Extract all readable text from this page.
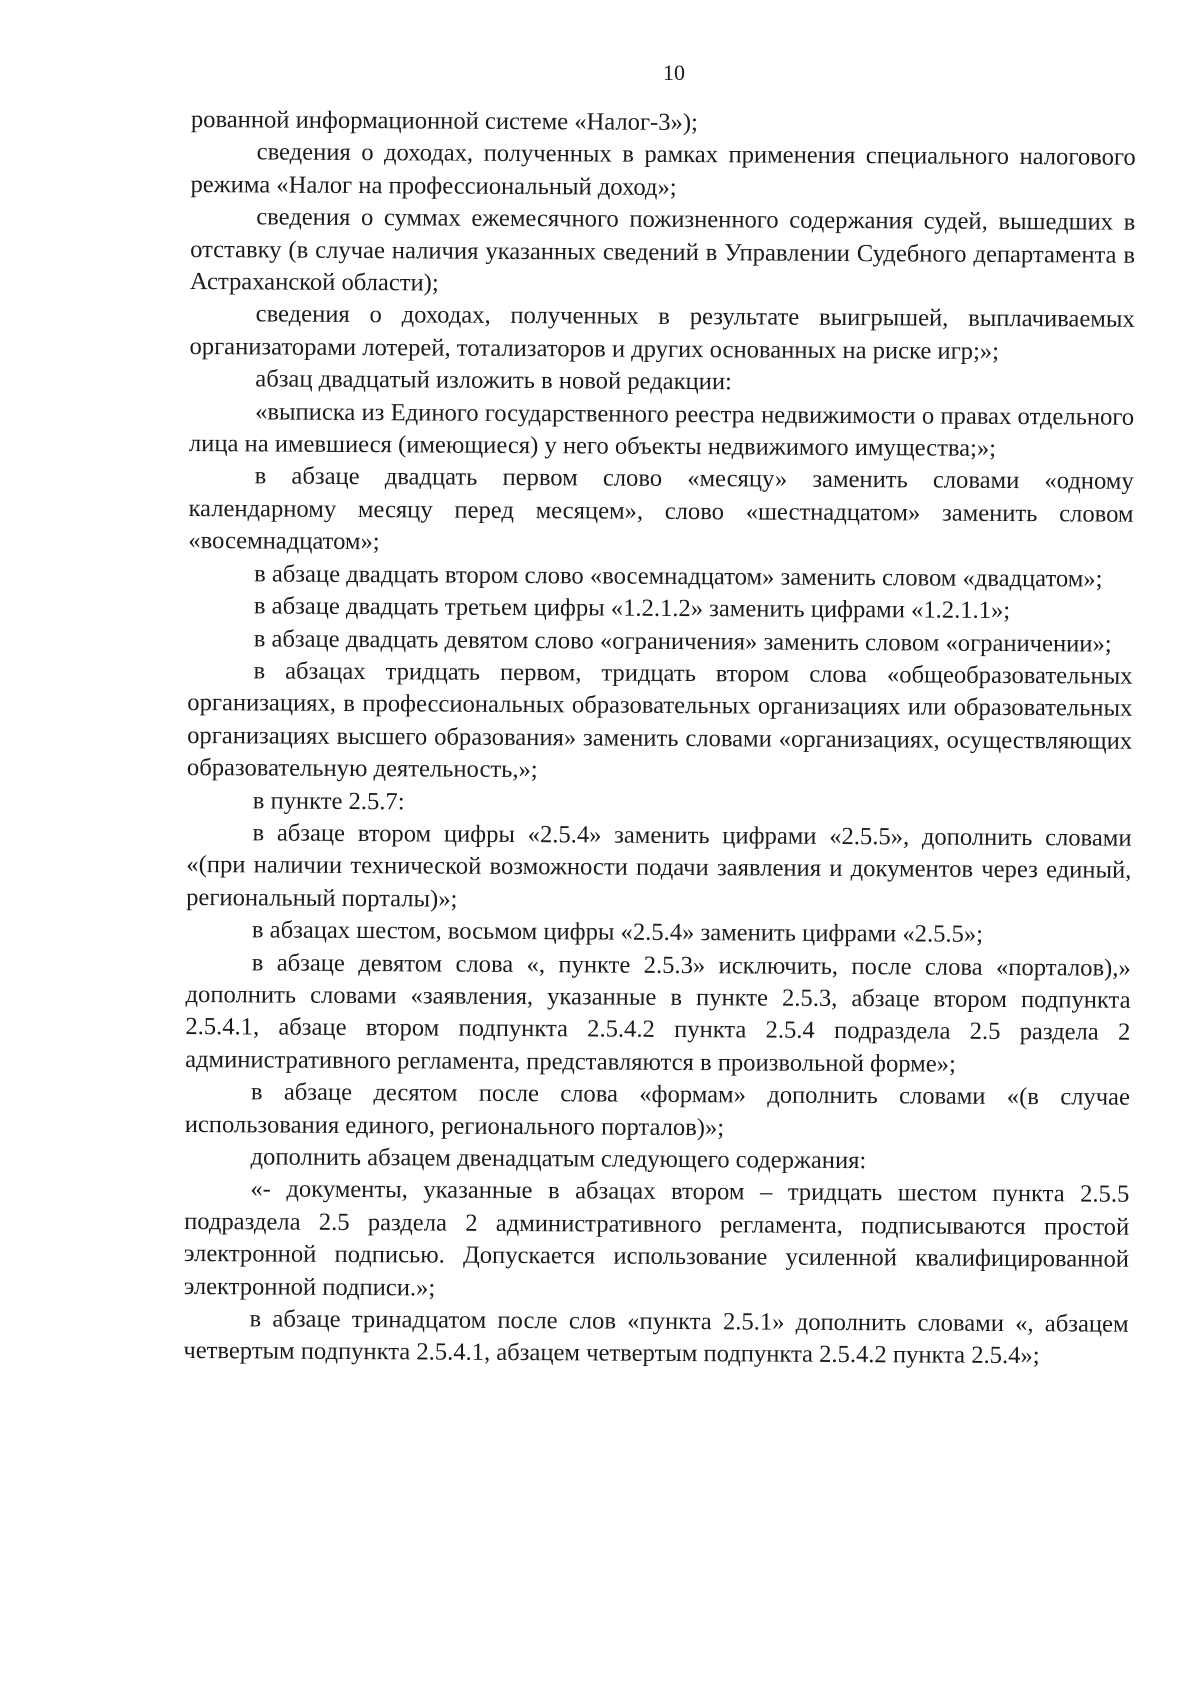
10

рованной информационной системе «Налог-3»);

сведения о доходах, полученных в рамках применения специального налогового режима «Налог на профессиональный доход»;

сведения о суммах ежемесячного пожизненного содержания судей, вышедших в отставку (в случае наличия указанных сведений в Управлении Судебного департамента в Астраханской области);

сведения о доходах, полученных в результате выигрышей, выплачиваемых организаторами лотерей, тотализаторов и других основанных на риске игр;»;

абзац двадцатый изложить в новой редакции:

«выписка из Единого государственного реестра недвижимости о правах отдельного лица на имевшиеся (имеющиеся) у него объекты недвижимого имущества;»;

в абзаце двадцать первом слово «месяцу» заменить словами «одному календарному месяцу перед месяцем», слово «шестнадцатом» заменить словом «восемнадцатом»;

в абзаце двадцать втором слово «восемнадцатом» заменить словом «двадцатом»;

в абзаце двадцать третьем цифры «1.2.1.2» заменить цифрами «1.2.1.1»;

в абзаце двадцать девятом слово «ограничения» заменить словом «ограничении»;

в абзацах тридцать первом, тридцать втором слова «общеобразовательных организациях, в профессиональных образовательных организациях или образовательных организациях высшего образования» заменить словами «организациях, осуществляющих образовательную деятельность,»;

в пункте 2.5.7:

в абзаце втором цифры «2.5.4» заменить цифрами «2.5.5», дополнить словами «(при наличии технической возможности подачи заявления и документов через единый, региональный порталы)»;

в абзацах шестом, восьмом цифры «2.5.4» заменить цифрами «2.5.5»;

в абзаце девятом слова «, пункте 2.5.3» исключить, после слова «порталов),» дополнить словами «заявления, указанные в пункте 2.5.3, абзаце втором подпункта 2.5.4.1, абзаце втором подпункта 2.5.4.2 пункта 2.5.4 подраздела 2.5 раздела 2 административного регламента, представляются в произвольной форме»;

в абзаце десятом после слова «формам» дополнить словами «(в случае использования единого, регионального порталов)»;

дополнить абзацем двенадцатым следующего содержания:

«- документы, указанные в абзацах втором – тридцать шестом пункта 2.5.5 подраздела 2.5 раздела 2 административного регламента, подписываются простой электронной подписью. Допускается использование усиленной квалифицированной электронной подписи.»;

в абзаце тринадцатом после слов «пункта 2.5.1» дополнить словами «, абзацем четвертым подпункта 2.5.4.1, абзацем четвертым подпункта 2.5.4.2 пункта 2.5.4»;
